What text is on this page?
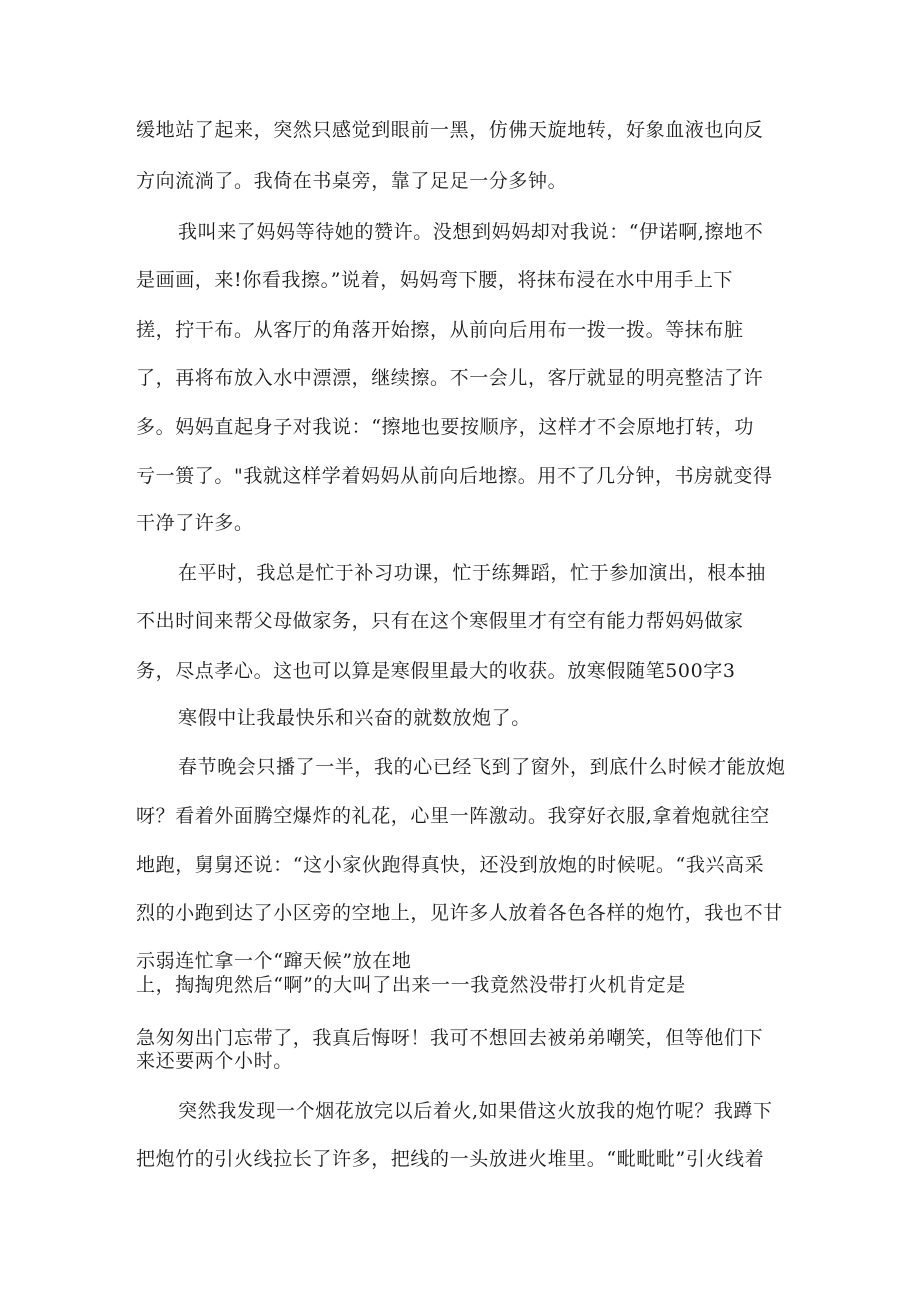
缓地站了起来，突然只感觉到眼前一黑，仿佛天旋地转，好象血液也向反
方向流淌了。我倚在书桌旁，靠了足足一分多钟。
我叫来了妈妈等待她的赞许。没想到妈妈却对我说：“伊诺啊,擦地不
是画画，来!你看我擦。”说着，妈妈弯下腰，将抹布浸在水中用手上下
搓，拧干布。从客厅的角落开始擦，从前向后用布一拨一拨。等抹布脏
了，再将布放入水中漂漂，继续擦。不一会儿，客厅就显的明亮整洁了许
多。妈妈直起身子对我说：“擦地也要按顺序，这样才不会原地打转，功
亏一篑了。"我就这样学着妈妈从前向后地擦。用不了几分钟，书房就变得
干净了许多。
在平时，我总是忙于补习功课，忙于练舞蹈，忙于参加演出，根本抽
不出时间来帮父母做家务，只有在这个寒假里才有空有能力帮妈妈做家
务，尽点孝心。这也可以算是寒假里最大的收获。放寒假随笔500字3
寒假中让我最快乐和兴奋的就数放炮了。
春节晚会只播了一半，我的心已经飞到了窗外，到底什么时候才能放炮
呀？看着外面腾空爆炸的礼花，心里一阵激动。我穿好衣服,拿着炮就往空
地跑，舅舅还说：“这小家伙跑得真快，还没到放炮的时候呢。“我兴高采
烈的小跑到达了小区旁的空地上，见许多人放着各色各样的炮竹，我也不甘
示弱连忙拿一个“蹿天候”放在地
上，掏掏兜然后“啊”的大叫了出来一一我竟然没带打火机肯定是
急匆匆出门忘带了，我真后悔呀！我可不想回去被弟弟嘲笑，但等他们下
来还要两个小时。
突然我发现一个烟花放完以后着火,如果借这火放我的炮竹呢？我蹲下
把炮竹的引火线拉长了许多，把线的一头放进火堆里。“毗毗毗”引火线着
